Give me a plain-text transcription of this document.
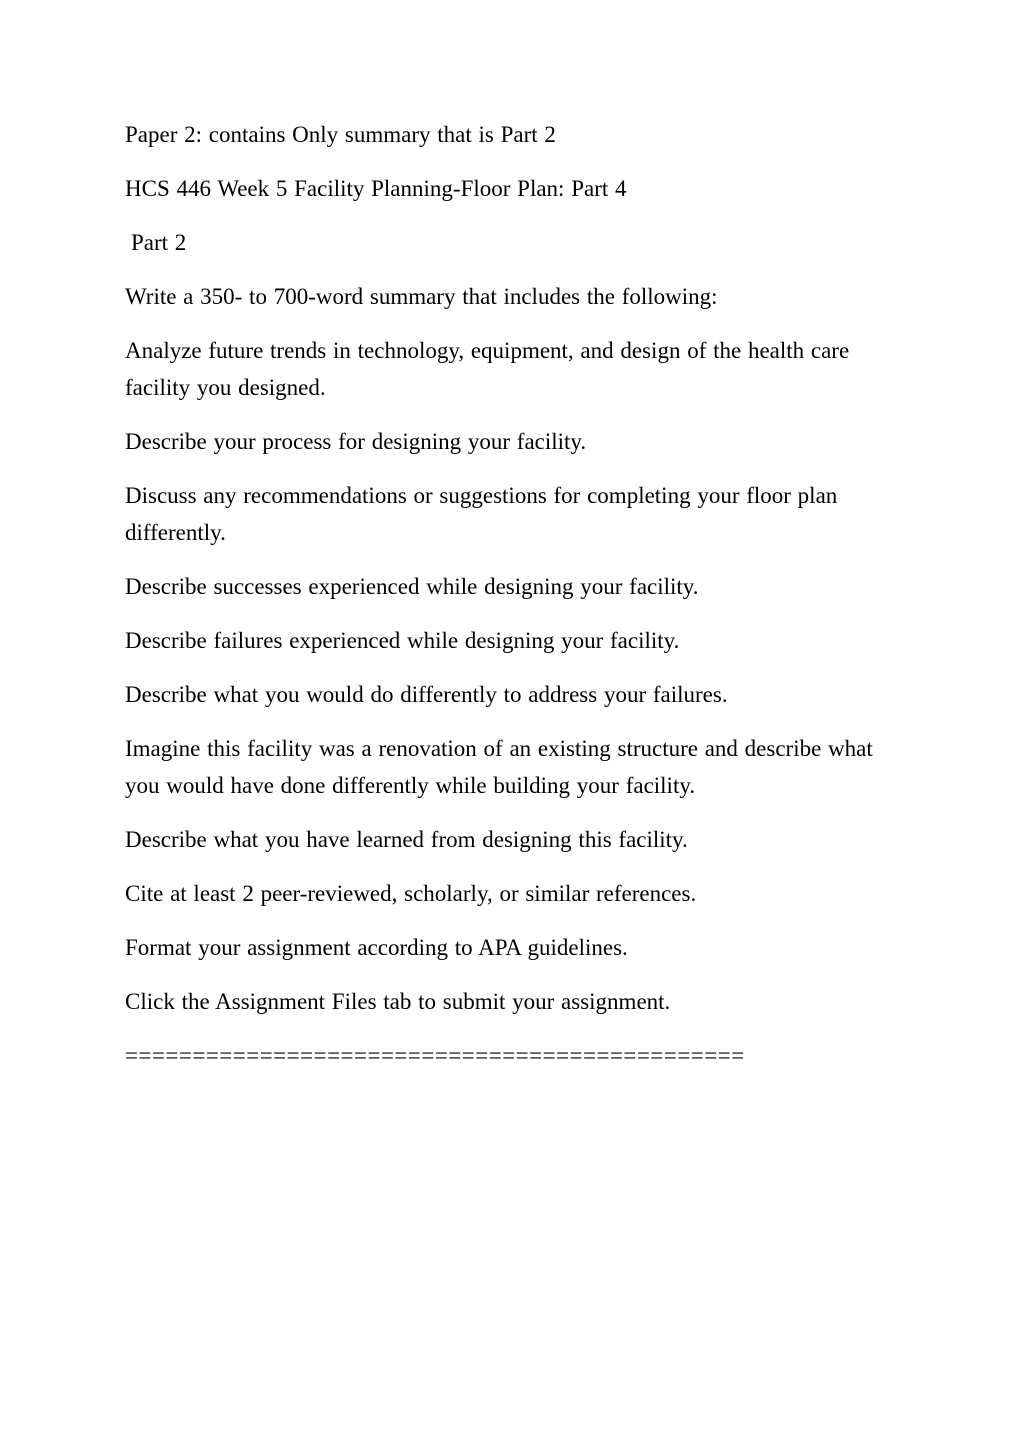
Paper 2: contains Only summary that is Part 2

HCS 446 Week 5 Facility Planning-Floor Plan: Part 4

Part 2

Write a 350- to 700-word summary that includes the following:

Analyze future trends in technology, equipment, and design of the health care facility you designed.

Describe your process for designing your facility.

Discuss any recommendations or suggestions for completing your floor plan differently.

Describe successes experienced while designing your facility.

Describe failures experienced while designing your facility.

Describe what you would do differently to address your failures.

Imagine this facility was a renovation of an existing structure and describe what you would have done differently while building your facility.

Describe what you have learned from designing this facility.

Cite at least 2 peer-reviewed, scholarly, or similar references.

Format your assignment according to APA guidelines.

Click the Assignment Files tab to submit your assignment.

==============================================
